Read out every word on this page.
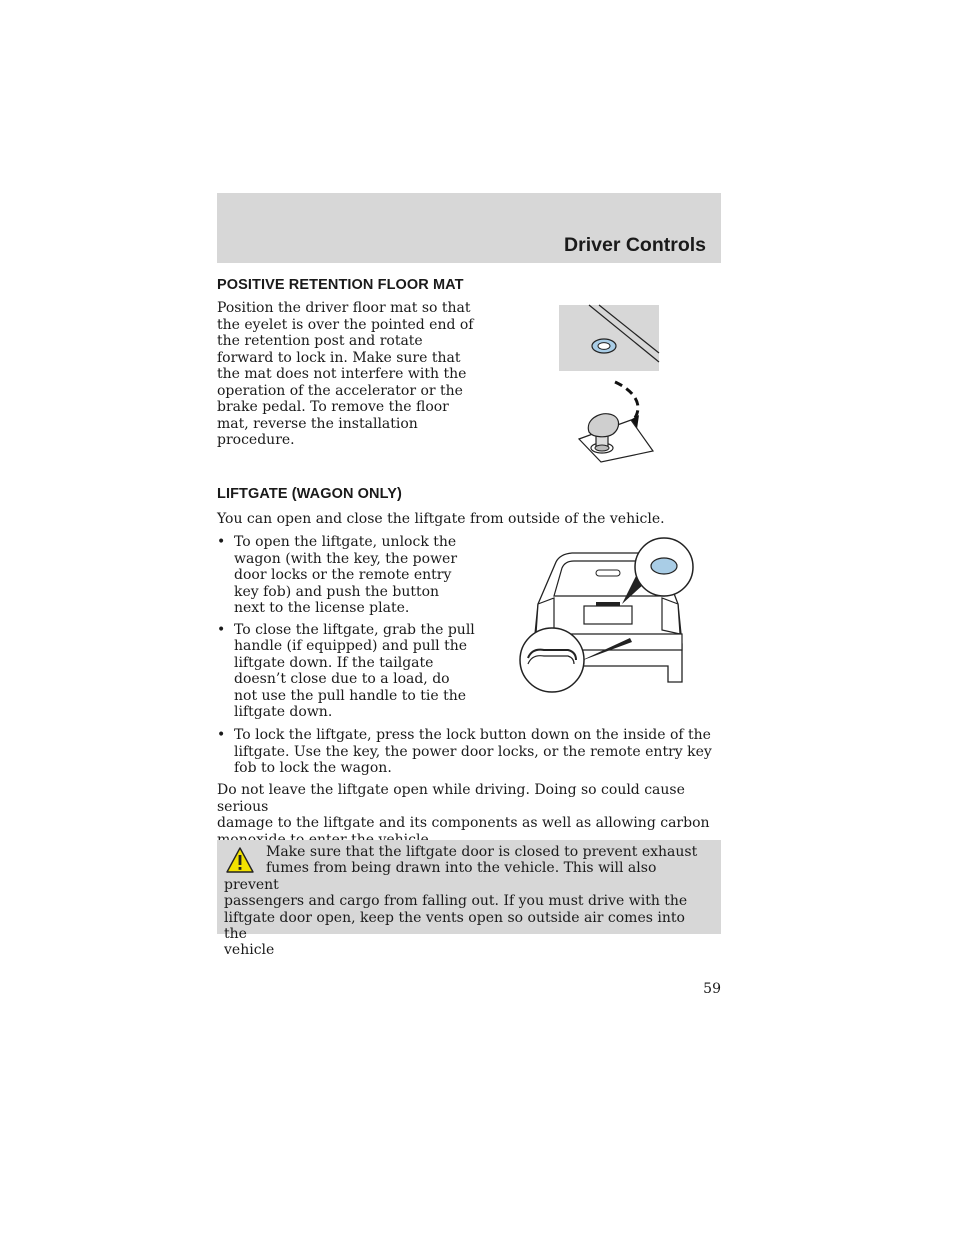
Driver Controls
POSITIVE RETENTION FLOOR MAT
Position the driver floor mat so that
the eyelet is over the pointed end of
the retention post and rotate
forward to lock in. Make sure that
the mat does not interfere with the
operation of the accelerator or the
brake pedal. To remove the floor
mat, reverse the installation
procedure.
LIFTGATE (WAGON ONLY)
You can open and close the liftgate from outside of the vehicle.
• To open the liftgate, unlock the
wagon (with the key, the power
door locks or the remote entry
key fob) and push the button
next to the license plate.
• To close the liftgate, grab the pull
handle (if equipped) and pull the
liftgate down. If the tailgate
doesn’t close due to a load, do
not use the pull handle to tie the
liftgate down.
• To lock the liftgate, press the lock button down on the inside of the
liftgate. Use the key, the power door locks, or the remote entry key
fob to lock the wagon.
Do not leave the liftgate open while driving. Doing so could cause serious
damage to the liftgate and its components as well as allowing carbon
Make sure that the liftgate door is closed to prevent exhaust
fumes from being drawn into the vehicle. This will also prevent
passengers and cargo from falling out. If you must drive with the
liftgate door open, keep the vents open so outside air comes into the
vehicle
59
